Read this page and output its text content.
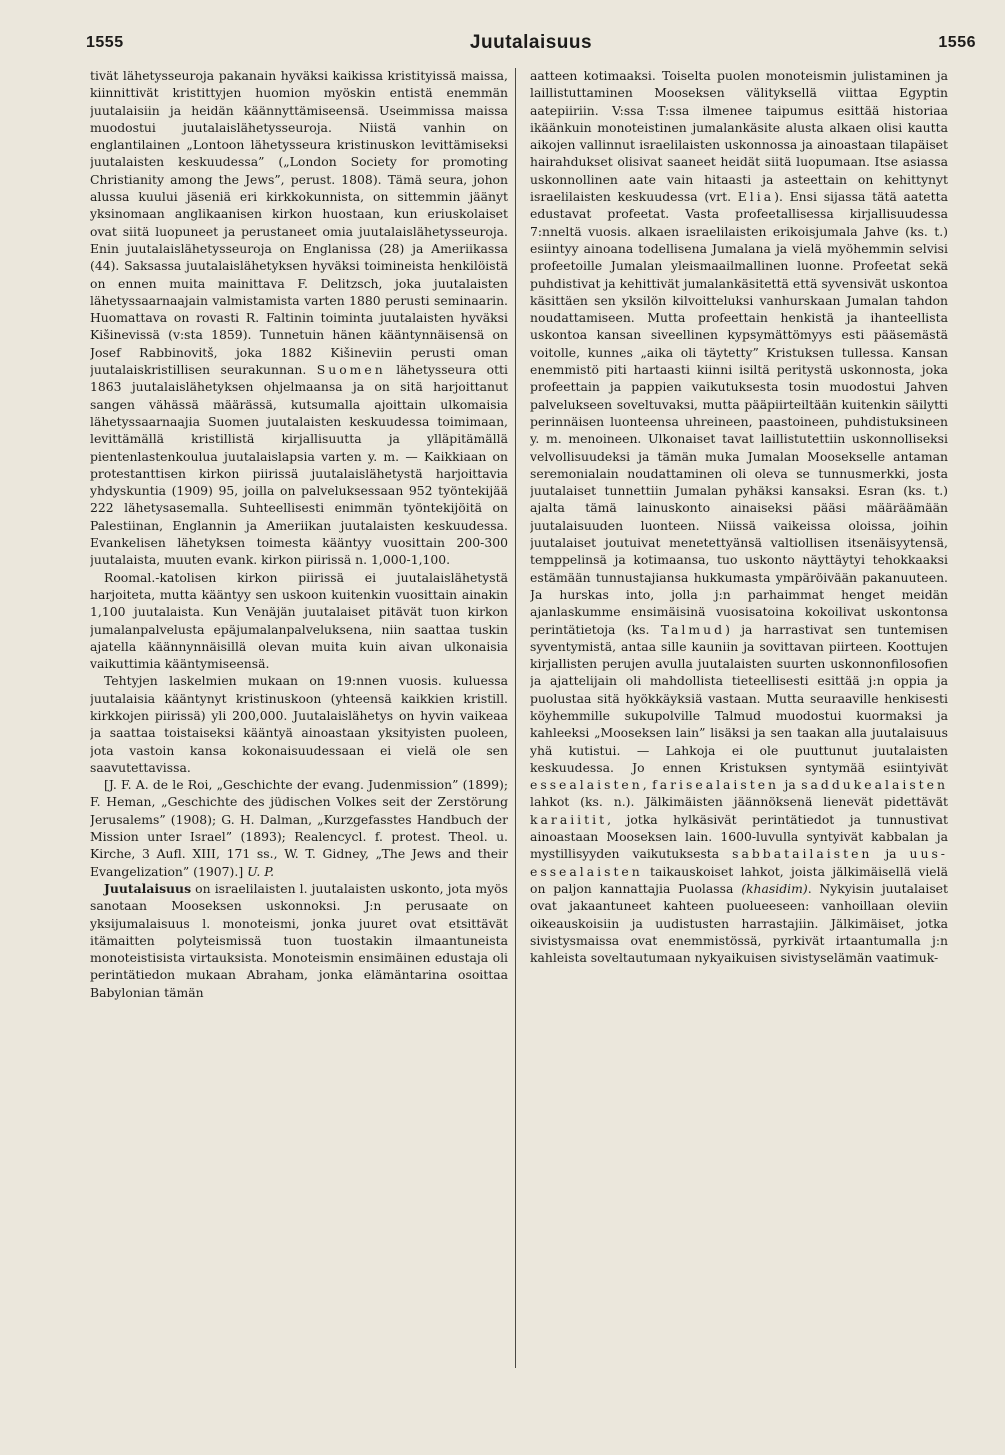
1555	Juutalaisuus	1556

tivät lähetysseuroja pakanain hyväksi kaikissa kristityissä maissa, kiinnittivät kristittyjen huomion myöskin entistä enemmän juutalaisiin ja heidän käännyttämiseensä. Useimmissa maissa muodostui juutalaislähetysseuroja. Niistä vanhin on englantilainen „Lontoon lähetysseura kristinuskon levittämiseksi juutalaisten keskuudessa” („London Society for promoting Christianity among the Jews”, perust. 1808). Tämä seura, johon alussa kuului jäseniä eri kirkkokunnista, on sittemmin jäänyt yksinomaan anglikaanisen kirkon huostaan, kun eriuskolaiset ovat siitä luopuneet ja perustaneet omia juutalaislähetysseuroja. Enin juutalaislähetysseuroja on Englanissa (28) ja Ameriikassa (44). Saksassa juutalaislähetyksen hyväksi toimineista henkilöistä on ennen muita mainittava F. Delitzsch, joka juutalaisten lähetyssaarnaajain valmistamista varten 1880 perusti seminaarin. Huomattava on rovasti R. Faltinin toiminta juutalaisten hyväksi Kišinevissä (v:sta 1859). Tunnetuin hänen kääntynnäisensä on Josef Rabbinovitš, joka 1882 Kišineviin perusti oman juutalaiskristillisen seurakunnan. Suomen lähetysseura otti 1863 juutalaislähetyksen ohjelmaansa ja on sitä harjoittanut sangen vähässä määrässä, kutsumalla ajoittain ulkomaisia lähetyssaarnaajia Suomen juutalaisten keskuudessa toimimaan, levittämällä kristillistä kirjallisuutta ja ylläpitämällä pientenlastenkoulua juutalaislapsia varten y. m. — Kaikkiaan on protestanttisen kirkon piirissä juutalaislähetystä harjoittavia yhdyskuntia (1909) 95, joilla on palveluksessaan 952 työntekijää 222 lähetysasemalla. Suhteellisesti enimmän työntekijöitä on Palestiinan, Englannin ja Ameriikan juutalaisten keskuudessa. Evankelisen lähetyksen toimesta kääntyy vuosittain 200-300 juutalaista, muuten evank. kirkon piirissä n. 1,000-1,100.

Roomal.-katolisen kirkon piirissä ei juutalaislähetystä harjoiteta, mutta kääntyy sen uskoon kuitenkin vuosittain ainakin 1,100 juutalaista. Kun Venäjän juutalaiset pitävät tuon kirkon jumalanpalvelusta epäjumalanpalveluksena, niin saattaa tuskin ajatella käännynnäisillä olevan muita kuin aivan ulkonaisia vaikuttimia kääntymiseensä.

Tehtyjen laskelmien mukaan on 19:nnen vuosis. kuluessa juutalaisia kääntynyt kristinuskoon (yhteensä kaikkien kristill. kirkkojen piirissä) yli 200,000. Juutalaislähetys on hyvin vaikeaa ja saattaa toistaiseksi kääntyä ainoastaan yksityisten puoleen, jota vastoin kansa kokonaisuudessaan ei vielä ole sen saavutettavissa.

[J. F. A. de le Roi, „Geschichte der evang. Judenmission” (1899); F. Heman, „Geschichte des jüdischen Volkes seit der Zerstörung Jerusalems” (1908); G. H. Dalman, „Kurzgefasstes Handbuch der Mission unter Israel” (1893); Realencycl. f. protest. Theol. u. Kirche, 3 Aufl. XIII, 171 ss., W. T. Gidney, „The Jews and their Evangelization” (1907).] U. P.

Juutalaisuus on israelilaisten l. juutalaisten uskonto, jota myös sanotaan Mooseksen uskonnoksi. J:n perusaate on yksijumalaisuus l. monoteismi, jonka juuret ovat etsittävät itämaitten polyteismissä tuon tuostakin ilmaantuneista monoteistisista virtauksista. Monoteismin ensimäinen edustaja oli perintätiedon mukaan Abraham, jonka elämäntarina osoittaa Babylonian tämän

aatteen kotimaaksi. Toiselta puolen monoteismin julistaminen ja laillistuttaminen Mooseksen välityksellä viittaa Egyptin aatepiiriin. V:ssa T:ssa ilmenee taipumus esittää historiaa ikäänkuin monoteistinen jumalankäsite alusta alkaen olisi kautta aikojen vallinnut israelilaisten uskonnossa ja ainoastaan tilapäiset hairahdukset olisivat saaneet heidät siitä luopumaan. Itse asiassa uskonnollinen aate vain hitaasti ja asteettain on kehittynyt israelilaisten keskuudessa (vrt. Elia). Ensi sijassa tätä aatetta edustavat profeetat. Vasta profeetallisessa kirjallisuudessa 7:nneltä vuosis. alkaen israelilaisten erikoisjumala Jahve (ks. t.) esiintyy ainoana todellisena Jumalana ja vielä myöhemmin selvisi profeetoille Jumalan yleismaailmallinen luonne. Profeetat sekä puhdistivat ja kehittivät jumalankäsitettä että syvensivät uskontoa käsittäen sen yksilön kilvoitteluksi vanhurskaan Jumalan tahdon noudattamiseen. Mutta profeettain henkistä ja ihanteellista uskontoa kansan siveellinen kypsymättömyys esti pääsemästä voitolle, kunnes „aika oli täytetty” Kristuksen tullessa. Kansan enemmistö piti hartaasti kiinni isiltä peritystä uskonnosta, joka profeettain ja pappien vaikutuksesta tosin muodostui Jahven palvelukseen soveltuvaksi, mutta pääpiirteiltään kuitenkin säilytti perinnäisen luonteensa uhreineen, paastoineen, puhdistuksineen y. m. menoineen. Ulkonaiset tavat laillistutettiin uskonnolliseksi velvollisuudeksi ja tämän muka Jumalan Moosekselle antaman seremonialain noudattaminen oli oleva se tunnusmerkki, josta juutalaiset tunnettiin Jumalan pyhäksi kansaksi. Esran (ks. t.) ajalta tämä lainuskonto ainaiseksi pääsi määräämään juutalaisuuden luonteen. Niissä vaikeissa oloissa, joihin juutalaiset joutuivat menetettyänsä valtiollisen itsenäisyytensä, temppelinsä ja kotimaansa, tuo uskonto näyttäytyi tehokkaaksi estämään tunnustajiansa hukkumasta ympäröivään pakanuuteen. Ja hurskas into, jolla j:n parhaimmat henget meidän ajanlaskumme ensimäisinä vuosisatoina kokoilivat uskontonsa perintätietoja (ks. Talmud) ja harrastivat sen tuntemisen syventymistä, antaa sille kauniin ja sovittavan piirteen. Koottujen kirjallisten perujen avulla juutalaisten suurten uskonnonfilosofien ja ajattelijain oli mahdollista tieteellisesti esittää j:n oppia ja puolustaa sitä hyökkäyksiä vastaan. Mutta seuraaville henkisesti köyhemmille sukupolville Talmud muodostui kuormaksi ja kahleeksi „Mooseksen lain” lisäksi ja sen taakan alla juutalaisuus yhä kutistui. — Lahkoja ei ole puuttunut juutalaisten keskuudessa. Jo ennen Kristuksen syntymää esiintyivät essealaisten, farisealaisten ja saddukealaisten lahkot (ks. n.). Jälkimäisten jäännöksenä lienevät pidettävät karaiitit, jotka hylkäsivät perintätiedot ja tunnustivat ainoastaan Mooseksen lain. 1600-luvulla syntyivät kabbalan ja mystillisyyden vaikutuksesta sabbatailaisten ja uus-essealaisten taikauskoiset lahkot, joista jälkimäisellä vielä on paljon kannattajia Puolassa (khasidim). Nykyisin juutalaiset ovat jakaantuneet kahteen puolueeseen: vanhoillaan oleviin oikeauskoisiin ja uudistusten harrastajiin. Jälkimäiset, jotka sivistysmaissa ovat enemmistössä, pyrkivät irtaantumalla j:n kahleista soveltautumaan nykyaikuisen sivistyselämän vaatimuk-
